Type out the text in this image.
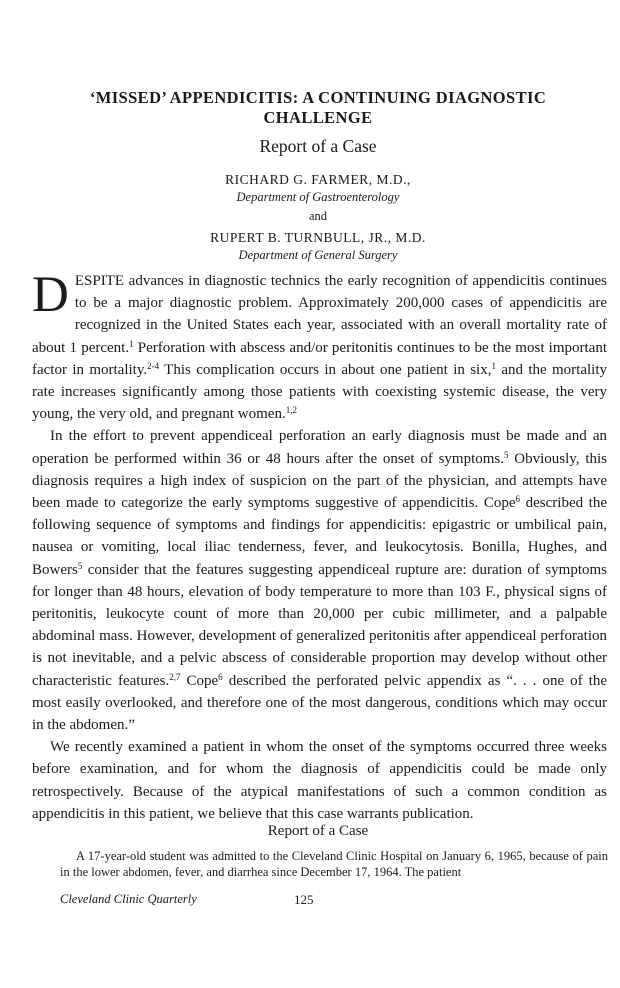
‘MISSED’ APPENDICITIS: A CONTINUING DIAGNOSTIC
CHALLENGE

Report of a Case

RICHARD G. FARMER, M.D.,

Department of Gastroenterology

and

RUPERT B. TURNBULL, JR., M.D.

Department of General Surgery

DESPITE advances in diagnostic technics the early recognition of appendicitis continues to be a major diagnostic problem. Approximately 200,000 cases of appendicitis are recognized in the United States each year, associated with an overall mortality rate of about 1 percent.$^1$ Perforation with abscess and/or peritonitis continues to be the most important factor in mortality.$^{2-4}$ This complication occurs in about one patient in six,$^1$ and the mortality rate increases significantly among those patients with coexisting systemic disease, the very young, the very old, and pregnant women.$^{1,2}$

In the effort to prevent appendiceal perforation an early diagnosis must be made and an operation be performed within 36 or 48 hours after the onset of symptoms.$^5$ Obviously, this diagnosis requires a high index of suspicion on the part of the physician, and attempts have been made to categorize the early symptoms suggestive of appendicitis. Cope$^6$ described the following sequence of symptoms and findings for appendicitis: epigastric or umbilical pain, nausea or vomiting, local iliac tenderness, fever, and leukocytosis. Bonilla, Hughes, and Bowers$^5$ consider that the features suggesting appendiceal rupture are: duration of symptoms for longer than 48 hours, elevation of body temperature to more than 103 F., physical signs of peritonitis, leukocyte count of more than 20,000 per cubic millimeter, and a palpable abdominal mass. However, development of generalized peritonitis after appendiceal perforation is not inevitable, and a pelvic abscess of considerable proportion may develop without other characteristic features.$^{2,7}$ Cope$^6$ described the perforated pelvic appendix as “. . . one of the most easily overlooked, and therefore one of the most dangerous, conditions which may occur in the abdomen.”

We recently examined a patient in whom the onset of the symptoms occurred three weeks before examination, and for whom the diagnosis of appendicitis could be made only retrospectively. Because of the atypical manifestations of such a common condition as appendicitis in this patient, we believe that this case warrants publication.

Report of a Case

A 17-year-old student was admitted to the Cleveland Clinic Hospital on January 6, 1965, because of pain in the lower abdomen, fever, and diarrhea since December 17, 1964. The patient

Cleveland Clinic Quarterly	125
